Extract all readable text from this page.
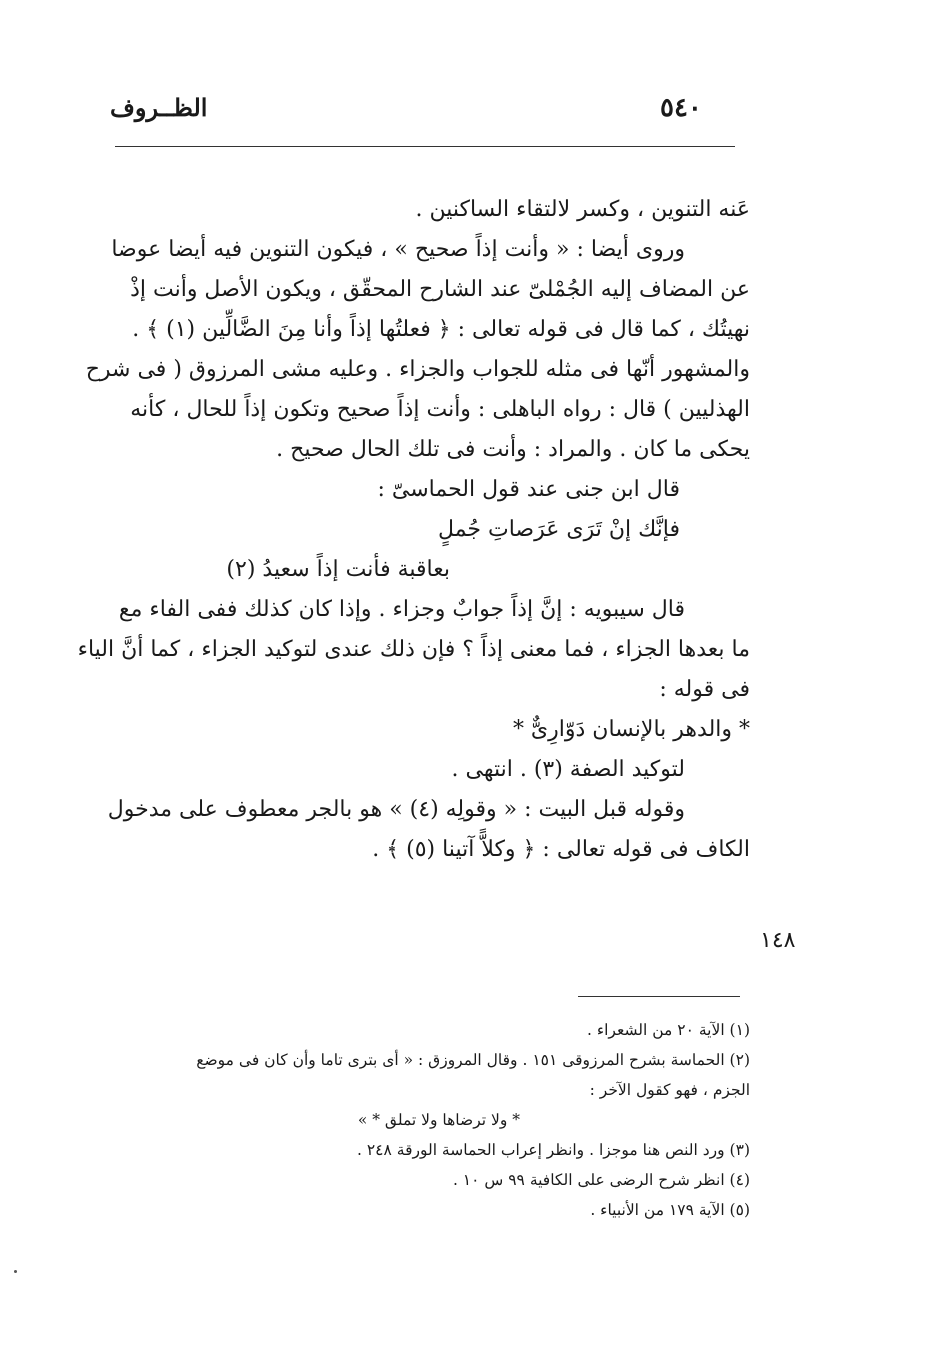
الظــروف	٥٤٠
عَنه التنوين ، وكسر لالتقاء الساكنين .
وروى أيضا : « وأنت إذاً صحيح » ، فيكون التنوين فيه أيضا عوضا
عن المضاف إليه الجُمْلىّ عند الشارح المحقّق ، ويكون الأصل وأنت إذْ
نهيتُك ، كما قال فى قوله تعالى : ﴿ فعلتُها إذاً وأنا مِنَ الضَّالِّين (١) ﴾ .
والمشهور أنّها فى مثله للجواب والجزاء . وعليه مشى المرزوق ( فى شرح
الهذليين ) قال : رواه الباهلى : وأنت إذاً صحيح وتكون إذاً للحال ، كأنه
يحكى ما كان . والمراد : وأنت فى تلك الحال صحيح .
قال ابن جنى عند قول الحماسىّ :
فإنَّك إنْ تَرَى عَرَصاتِ جُملٍ
بعاقبة فأنت إذاً سعيدُ (٢)
قال سيبويه : إنَّ إذاً جوابٌ وجزاء . وإذا كان كذلك ففى الفاء مع
ما بعدها الجزاء ، فما معنى إذاً ؟ فإن ذلك عندى لتوكيد الجزاء ، كما أنَّ الياء
فى قوله :
* والدهر بالإنسان دَوّارِىٌّ *
لتوكيد الصفة (٣) . انتهى .
وقوله قبل البيت : « وقولِه (٤) » هو بالجر معطوف على مدخول
الكاف فى قوله تعالى : ﴿ وكلاًّ آتينا (٥) ﴾ .
١٤٨
(١) الآية ٢٠ من الشعراء .
(٢) الحماسة بشرح المرزوقى ١٥١ . وقال المروزق : « أى بترى تاما وأن كان فى موضع
الجزم ، فهو كقول الآخر :
* ولا ترضاها ولا تملق * »
(٣) ورد النص هنا موجزا . وانظر إعراب الحماسة الورقة ٢٤٨ .
(٤) انظر شرح الرضى على الكافية ٩٩ س ١٠ .
(٥) الآية ١٧٩ من الأنبياء .
